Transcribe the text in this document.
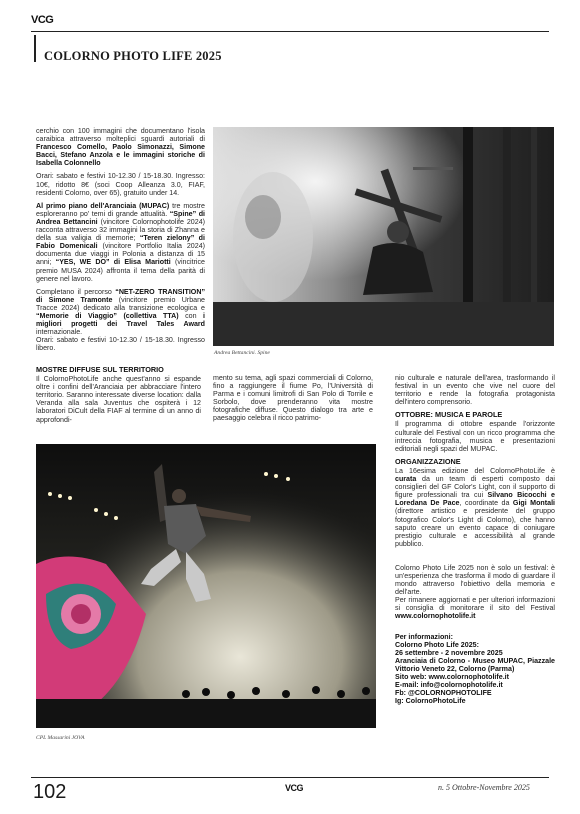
VCG
COLORNO PHOTO LIFE 2025

cerchio con 100 immagini che documentano l'isola caraibica attraverso molteplici sguardi autoriali di Francesco Comello, Paolo Simonazzi, Simone Bacci, Stefano Anzola e le immagini storiche di Isabella Colonnello

Orari: sabato e festivi 10-12.30 / 15-18.30. Ingresso: 10€, ridotto 8€ (soci Coop Alleanza 3.0, FIAF, residenti Colorno, over 65), gratuito under 14.

Al primo piano dell'Aranciaia (MUPAC) tre mostre esploreranno po' temi di grande attualità. “Spine” di Andrea Bettancini (vincitore Colornophotolife 2024) racconta attraverso 32 immagini la storia di Zhanna e della sua valigia di memorie; “Teren zielony” di Fabio Domenicali (vincitore Portfolio Italia 2024) documenta due viaggi in Polonia a distanza di 15 anni; “YES, WE DO” di Elisa Mariotti (vincitrice premio MUSA 2024) affronta il tema della parità di genere nel lavoro.

Completano il percorso “NET-ZERO TRANSITION” di Simone Tramonte (vincitore premio Urbane Tracce 2024) dedicato alla transizione ecologica e “Memorie di Viaggio” (collettiva TTA) con i migliori progetti dei Travel Tales Award internazionale.

Orari: sabato e festivi 10-12.30 / 15-18.30. Ingresso libero.

Andrea Bettancini. Spine
MOSTRE DIFFUSE SUL TERRITORIO

Il ColornoPhotoLife anche quest'anno si espande oltre i confini dell'Aranciaia per abbracciare l'intero territorio. Saranno interessate diverse location: dalla Veranda alla sala Juventus che ospiterà i 12 laboratori DiCult della FIAF al termine di un anno di approfondi-

mento su tema, agli spazi commerciali di Colorno, fino a raggiungere il fiume Po, l'Università di Parma e i comuni limitrofi di San Polo di Torrile e Sorbolo, dove prenderanno vita mostre fotografiche diffuse. Questo dialogo tra arte e paesaggio celebra il ricco patrimo-

CPL Massarini JOVA

nio culturale e naturale dell'area, trasformando il festival in un evento che vive nel cuore del territorio e rende la fotografia protagonista dell'intero comprensorio.

OTTOBRE: MUSICA E PAROLE

Il programma di ottobre espande l'orizzonte culturale del Festival con un ricco programma che intreccia fotografia, musica e presentazioni editoriali negli spazi del MUPAC.

ORGANIZZAZIONE

La 16esima edizione del ColornoPhotoLife è curata da un team di esperti composto dai consiglieri del GF Color's Light, con il supporto di figure professionali tra cui Silvano Bicocchi e Loredana De Pace, coordinate da Gigi Montali (direttore artistico e presidente del gruppo fotografico Color's Light di Colorno), che hanno saputo creare un evento capace di coniugare prestigio culturale e accessibilità al grande pubblico.

Colorno Photo Life 2025 non è solo un festival: è un'esperienza che trasforma il modo di guardare il mondo attraverso l'obiettivo della memoria e dell'arte.

Per rimanere aggiornati e per ulteriori informazioni si consiglia di monitorare il sito del Festival www.colornophotolife.it

Per informazioni:
Colorno Photo Life 2025:
26 settembre - 2 novembre 2025
Aranciaia di Colorno - Museo MUPAC, Piazzale Vittorio Veneto 22, Colorno (Parma)
Sito web: www.colornophotolife.it
E-mail: info@colornophotolife.it
Fb: @COLORNOPHOTOLIFE
Ig: ColornoPhotoLife
102	VCG	n. 5 Ottobre-Novembre 2025
